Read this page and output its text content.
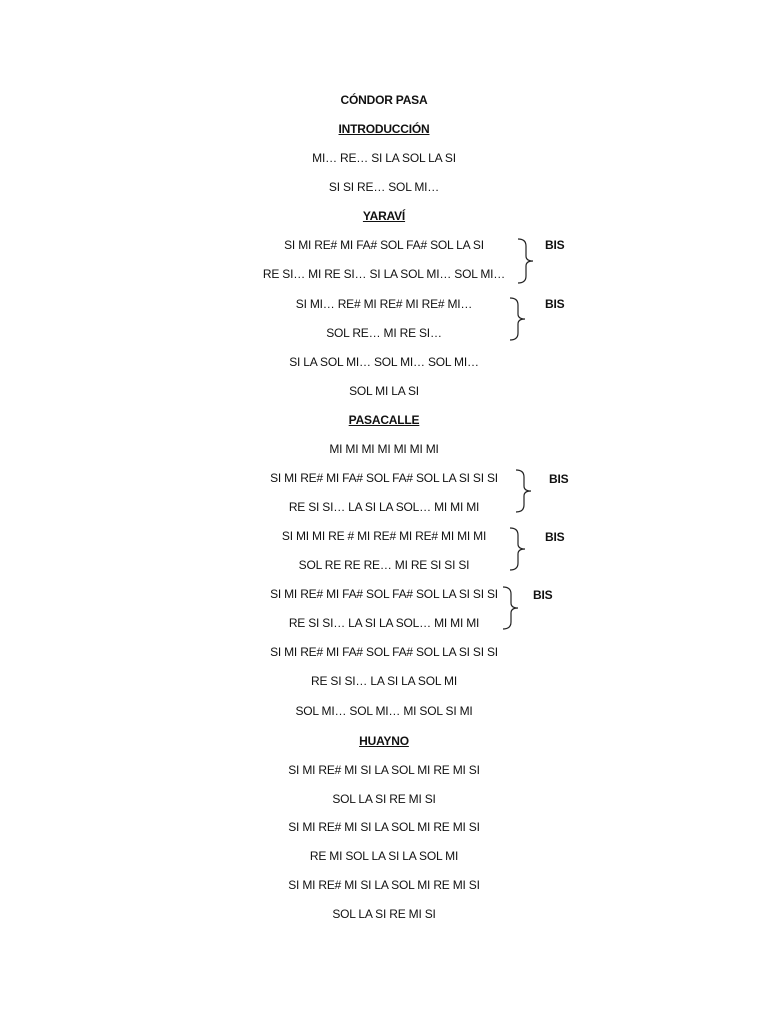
CÓNDOR PASA
INTRODUCCIÓN
MI… RE… SI LA SOL LA SI
SI SI RE… SOL MI…
YARAVÍ
SI MI RE# MI FA# SOL FA# SOL LA SI
RE SI… MI RE SI… SI LA SOL MI… SOL MI…
SI MI… RE# MI RE# MI RE# MI…
SOL RE… MI RE SI…
SI LA SOL MI… SOL MI… SOL MI…
SOL MI LA SI
PASACALLE
MI MI MI MI MI MI MI
SI MI RE# MI FA# SOL FA# SOL LA SI SI SI
RE SI SI… LA SI LA SOL… MI MI MI
SI MI MI RE # MI RE# MI RE# MI MI MI
SOL RE RE RE… MI RE SI SI SI
SI MI RE# MI FA# SOL FA# SOL LA SI SI SI
RE SI SI… LA SI LA SOL… MI MI MI
SI MI RE# MI FA# SOL FA# SOL LA SI SI SI
RE SI SI… LA SI LA SOL MI
SOL MI… SOL MI… MI SOL SI MI
HUAYNO
SI MI RE# MI SI LA SOL MI RE MI SI
SOL LA SI RE MI SI
SI MI RE# MI SI LA SOL MI RE MI SI
RE MI SOL LA SI LA SOL MI
SI MI RE# MI SI LA SOL MI RE MI SI
SOL LA SI RE MI SI
BIS
BIS
BIS
BIS
BIS
